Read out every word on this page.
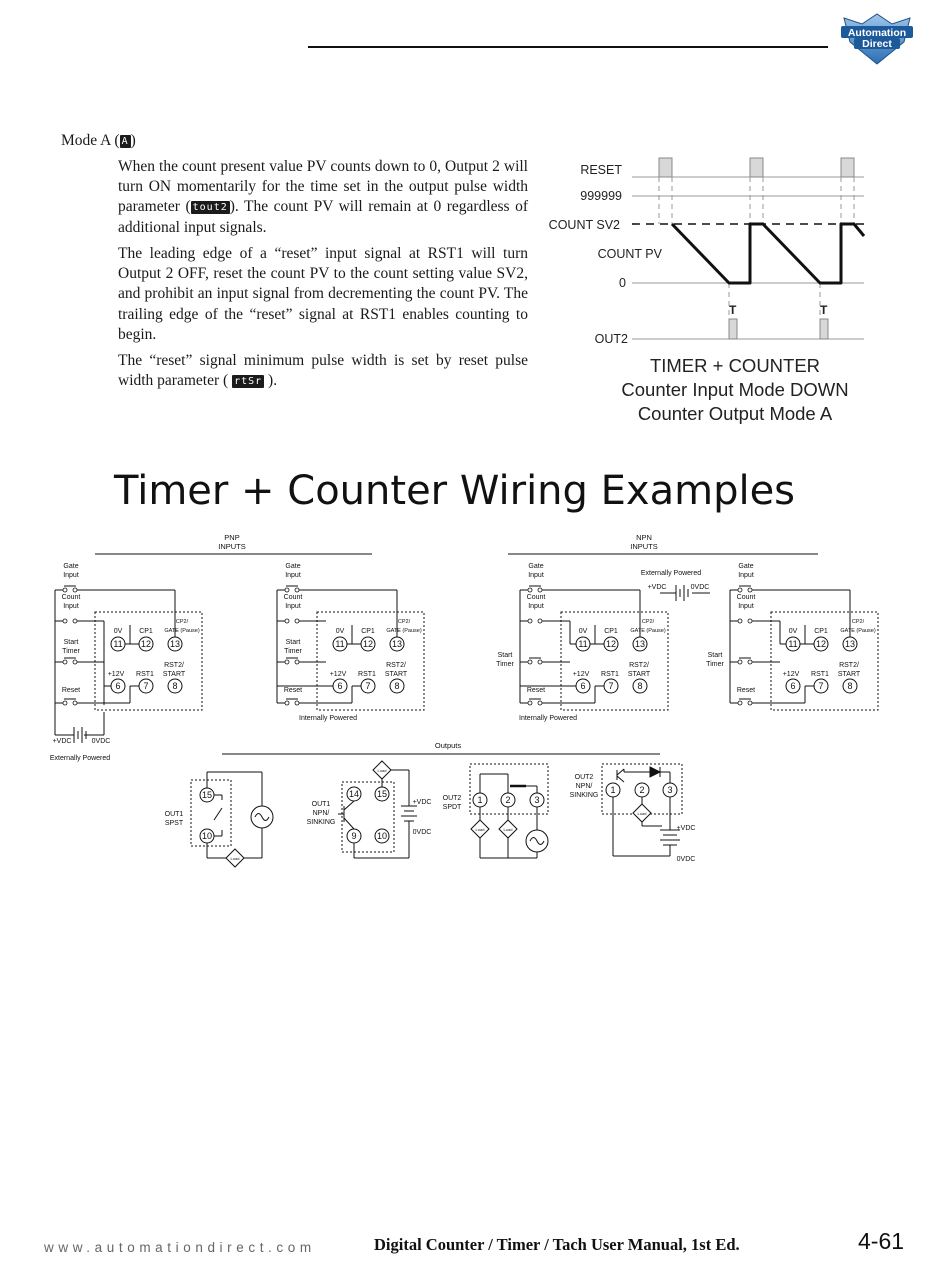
Automation
Direct
Mode A ( A )

When the count present value PV counts down to 0, Output 2 will turn ON momentarily for the time set in the output pulse width parameter ( tout2 ). The count PV will remain at 0 regardless of additional input signals.

The leading edge of a “reset” input signal at RST1 will turn Output 2 OFF, reset the count PV to the count setting value SV2, and prohibit an input signal from decrementing the count PV. The trailing edge of the “reset” signal at RST1 enables counting to begin.

The “reset” signal minimum pulse width is set by reset pulse width parameter ( rtSr ).

RESET
999999
COUNT SV2
COUNT PV
0
OUT2
T	T
TIMER + COUNTER
Counter Input Mode DOWN
Counter Output Mode A
Timer + Counter Wiring Examples
PNP
INPUTS
NPN
INPUTS
Gate
Input
Count
Input
Start
Timer
Reset
+VDC	0VDC
Externally Powered
0V CP1
CP2/
GATE (Pause)
+12V RST1
RST2/
START
11 12 13
6	7	8
Gate
Input
Count
Input
Start
Timer
Reset
Internally Powered
0V CP1
CP2/
GATE (Pause)
+12V RST1
RST2/
START
11 12 13
6	7	8
Gate
Input
Count
Input
Start
Timer
Reset
Internally Powered
0V CP1
CP2/
GATE (Pause)
+12V RST1
RST2/
START
11 12 13
6	7	8
Externally Powered
+VDC	0VDC
Gate
Input
Count
Input
Start
Timer
Reset
0V CP1
CP2/
GATE (Pause)
+12V RST1
RST2/
START
11 12 13
6	7	8
Outputs
OUT1
SPST
15
10
Load
OUT1
NPN/
SINKING
+VDC
0VDC
14 15
9 10
Load
OUT2
SPDT
1	2	3
Load	Load
OUT2
NPN/
SINKING
+VDC
0VDC
1	2	3
Load
www.automationdirect.com	Digital Counter / Timer / Tach User Manual, 1st Ed.	4-61
